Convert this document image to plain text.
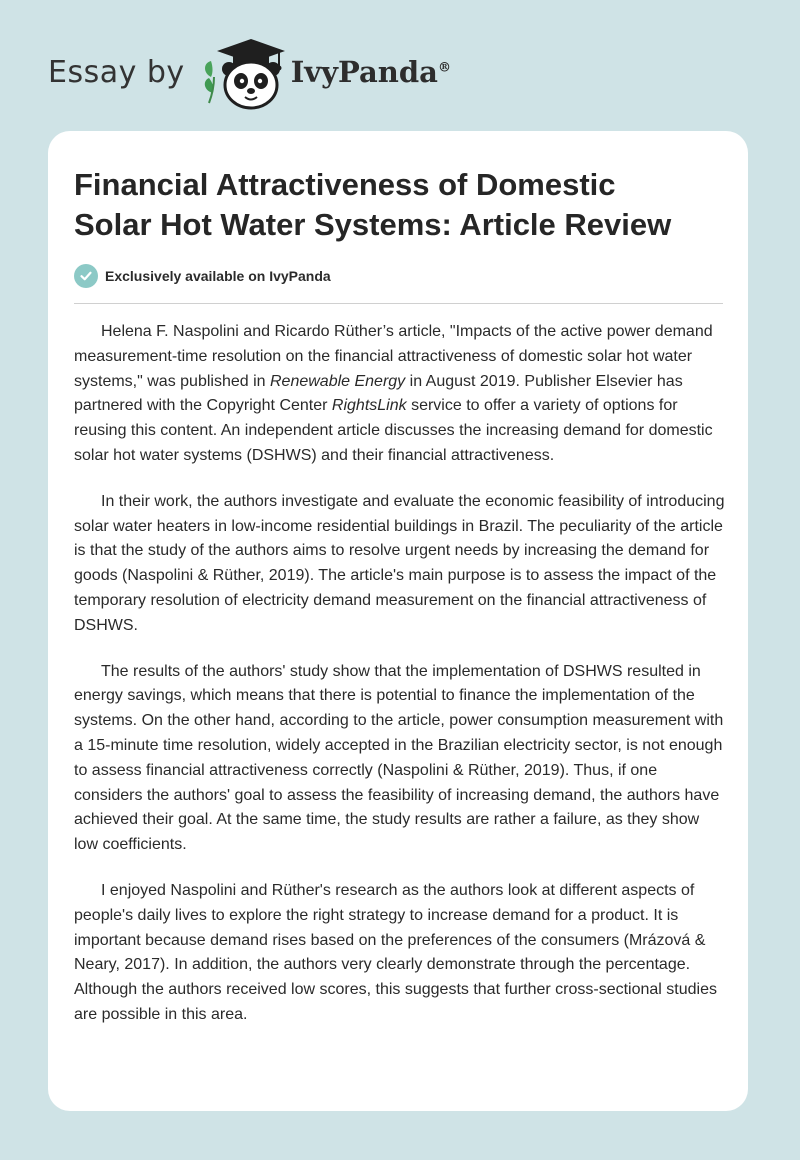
Essay by	IvyPanda®
Financial Attractiveness of Domestic
Solar Hot Water Systems: Article Review
Exclusively available on IvyPanda

Helena F. Naspolini and Ricardo Rüther’s article, "Impacts of the active power demand measurement-time resolution on the financial attractiveness of domestic solar hot water systems," was published in Renewable Energy in August 2019. Publisher Elsevier has partnered with the Copyright Center RightsLink service to offer a variety of options for reusing this content. An independent article discusses the increasing demand for domestic solar hot water systems (DSHWS) and their financial attractiveness.

In their work, the authors investigate and evaluate the economic feasibility of introducing solar water heaters in low-income residential buildings in Brazil. The peculiarity of the article is that the study of the authors aims to resolve urgent needs by increasing the demand for goods (Naspolini & Rüther, 2019). The article's main purpose is to assess the impact of the temporary resolution of electricity demand measurement on the financial attractiveness of DSHWS.

The results of the authors' study show that the implementation of DSHWS resulted in energy savings, which means that there is potential to finance the implementation of the systems. On the other hand, according to the article, power consumption measurement with a 15-minute time resolution, widely accepted in the Brazilian electricity sector, is not enough to assess financial attractiveness correctly (Naspolini & Rüther, 2019). Thus, if one considers the authors' goal to assess the feasibility of increasing demand, the authors have achieved their goal. At the same time, the study results are rather a failure, as they show low coefficients.

I enjoyed Naspolini and Rüther's research as the authors look at different aspects of people's daily lives to explore the right strategy to increase demand for a product. It is important because demand rises based on the preferences of the consumers (Mrázová & Neary, 2017). In addition, the authors very clearly demonstrate through the percentage. Although the authors received low scores, this suggests that further cross-sectional studies are possible in this area.
